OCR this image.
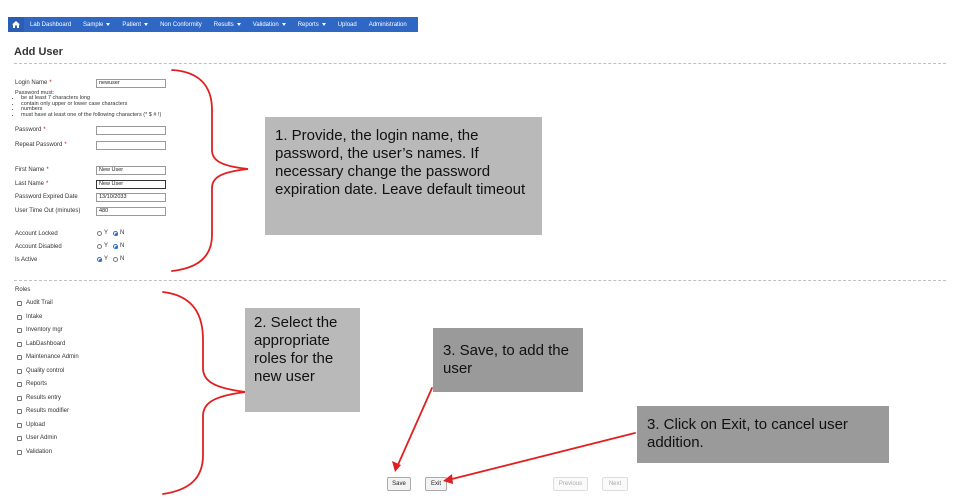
Lab Dashboard Sample	Patient	Non Conformity Results	Validation	Reports	Upload Administration
Add User
Login Name *	newuser
Password must:
• be at least 7 characters long
• contain only upper or lower case characters
• numbers
• must have at least one of the following characters (* $ # !)
Password *
Repeat Password *
First Name *	New User
Last Name *	New User
Password Expired Date	13/10/2033
User Time Out (minutes)	480
Account Locked	Y N
Account Disabled	Y N
Is Active	Y N
Roles
Audit Trail
Intake
Inventory mgr
LabDashboard
Maintenance Admin
Quality control
Reports
Results entry
Results modifier
Upload
User Admin
Validation
Save	Exit	Previous	Next
1. Provide, the login name, the password, the user’s names. If necessary change the password expiration date. Leave default timeout
2. Select the appropriate roles for the new user
3. Save, to add the user
3. Click on Exit, to cancel user addition.
